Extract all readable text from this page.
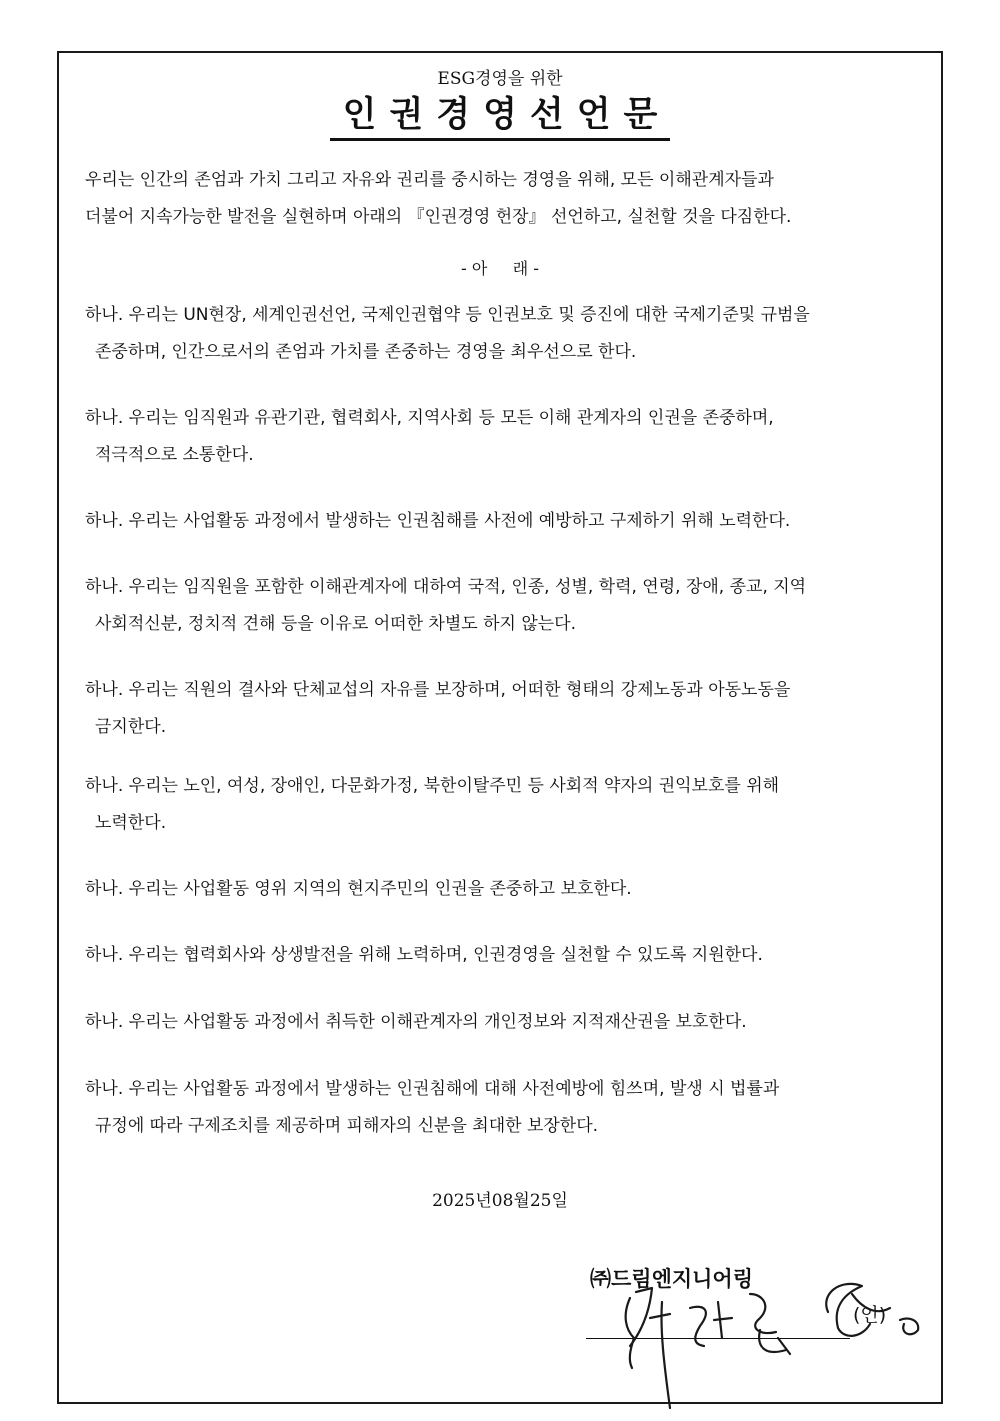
ESG경영을 위한
인권경영선언문
우리는 인간의 존엄과 가치 그리고 자유와 권리를 중시하는 경영을 위해, 모든 이해관계자들과
더불어 지속가능한 발전을 실현하며 아래의 『인권경영 헌장』 선언하고, 실천할 것을 다짐한다.
- 아     래 -
하나. 우리는 UN현장, 세계인권선언, 국제인권협약 등 인권보호 및 증진에 대한 국제기준및 규범을
존중하며, 인간으로서의 존엄과 가치를 존중하는 경영을 최우선으로 한다.
하나. 우리는 임직원과 유관기관, 협력회사, 지역사회 등 모든 이해 관계자의 인권을 존중하며,
적극적으로 소통한다.
하나. 우리는 사업활동 과정에서 발생하는 인권침해를 사전에 예방하고 구제하기 위해 노력한다.
하나. 우리는 임직원을 포함한 이해관계자에 대하여 국적, 인종, 성별, 학력, 연령, 장애, 종교, 지역
사회적신분, 정치적 견해 등을 이유로 어떠한 차별도 하지 않는다.
하나. 우리는 직원의 결사와 단체교섭의 자유를 보장하며, 어떠한 형태의 강제노동과 아동노동을
금지한다.
하나. 우리는 노인, 여성, 장애인, 다문화가정, 북한이탈주민 등 사회적 약자의 권익보호를 위해
노력한다.
하나. 우리는 사업활동 영위 지역의 현지주민의 인권을 존중하고 보호한다.
하나. 우리는 협력회사와 상생발전을 위해 노력하며, 인권경영을 실천할 수 있도록 지원한다.
하나. 우리는 사업활동 과정에서 취득한 이해관계자의 개인정보와 지적재산권을 보호한다.
하나. 우리는 사업활동 과정에서 발생하는 인권침해에 대해 사전예방에 힘쓰며, 발생 시 법률과
규정에 따라 구제조치를 제공하며 피해자의 신분을 최대한 보장한다.
2025년08월25일
㈜드림엔지니어링
(인)
